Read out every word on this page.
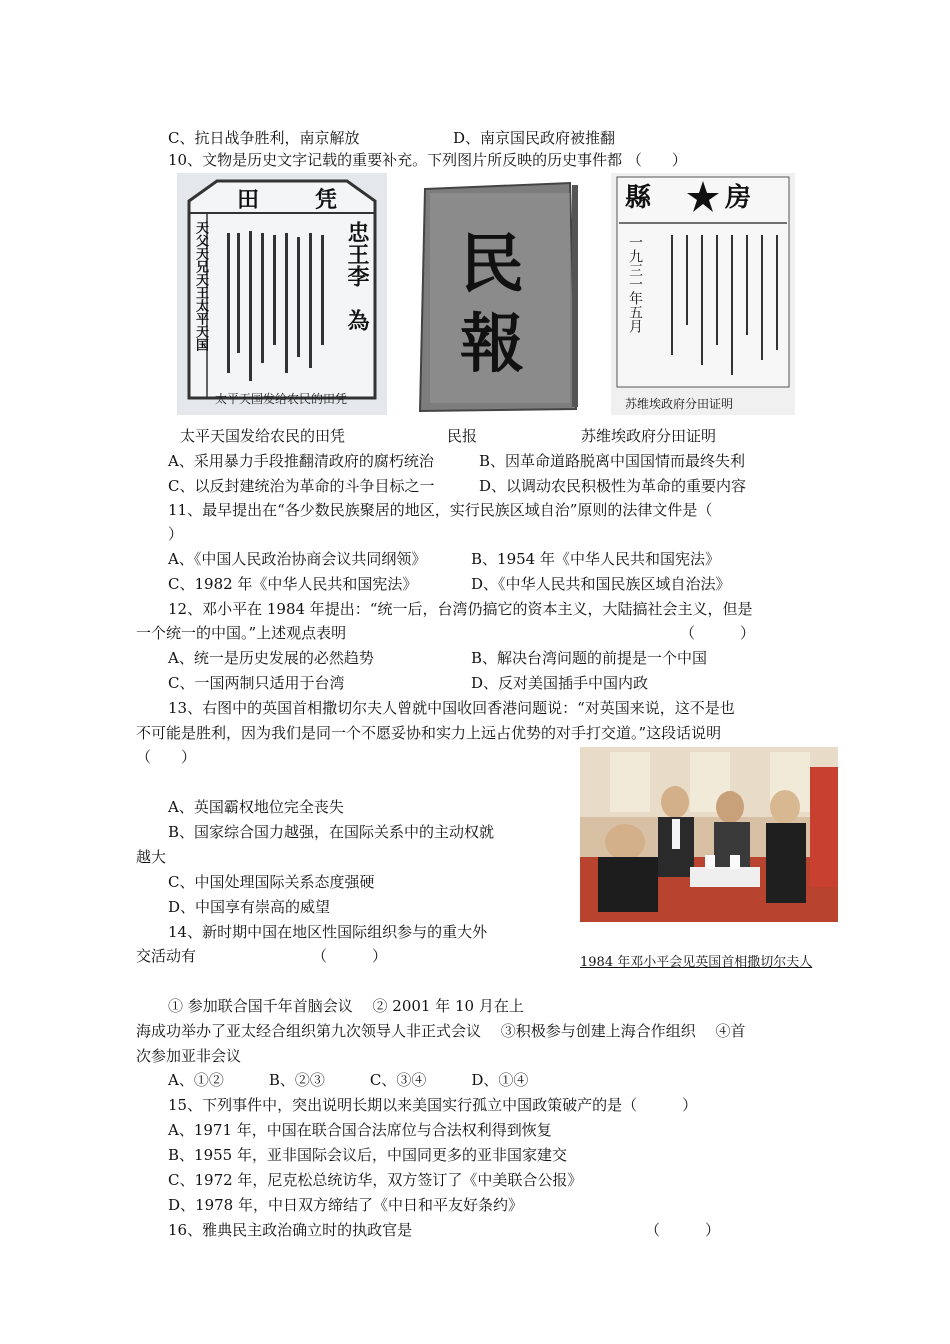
C、抗日战争胜利，南京解放	D、南京国民政府被推翻
10、文物是历史文字记载的重要补充。下列图片所反映的历史事件都 （　　）
太平天国发给农民的田凭
田　　凭
忠王李　為
天父天兄天王太平天国	民
報
縣　房
一九三一年五月
苏维埃政府分田证明
太平天国发给农民的田凭	民报	苏维埃政府分田证明
A、采用暴力手段推翻清政府的腐朽统治	B、因革命道路脱离中国国情而最终失利
C、以反封建统治为革命的斗争目标之一	D、以调动农民积极性为革命的重要内容
11、最早提出在“各少数民族聚居的地区，实行民族区域自治”原则的法律文件是（
）
A、《中国人民政治协商会议共同纲领》	B、1954 年《中华人民共和国宪法》
C、1982 年《中华人民共和国宪法》	D、《中华人民共和国民族区域自治法》
12、邓小平在 1984 年提出：“统一后，台湾仍搞它的资本主义，大陆搞社会主义，但是
一个统一的中国。”上述观点表明	（　　　）
A、统一是历史发展的必然趋势	B、解决台湾问题的前提是一个中国
C、一国两制只适用于台湾	D、反对美国插手中国内政
13、右图中的英国首相撒切尔夫人曾就中国收回香港问题说：“对英国来说，这不是也
不可能是胜利，因为我们是同一个不愿妥协和实力上远占优势的对手打交道。”这段话说明
（　　）
A、英国霸权地位完全丧失
B、国家综合国力越强，在国际关系中的主动权就
越大
C、中国处理国际关系态度强硬
D、中国享有崇高的威望
14、新时期中国在地区性国际组织参与的重大外
交活动有	（　　　）	1984 年邓小平会见英国首相撒切尔夫人
① 参加联合国千年首脑会议　 ② 2001 年 10 月在上
海成功举办了亚太经合组织第九次领导人非正式会议　 ③积极参与创建上海合作组织　 ④首
次参加亚非会议
A、①②　　　B、②③　　　C、③④　　　D、①④
15、下列事件中，突出说明长期以来美国实行孤立中国政策破产的是（　　　）
A、1971 年，中国在联合国合法席位与合法权利得到恢复
B、1955 年，亚非国际会议后，中国同更多的亚非国家建交
C、1972 年，尼克松总统访华，双方签订了《中美联合公报》
D、1978 年，中日双方缔结了《中日和平友好条约》
16、雅典民主政治确立时的执政官是	（　　　）
